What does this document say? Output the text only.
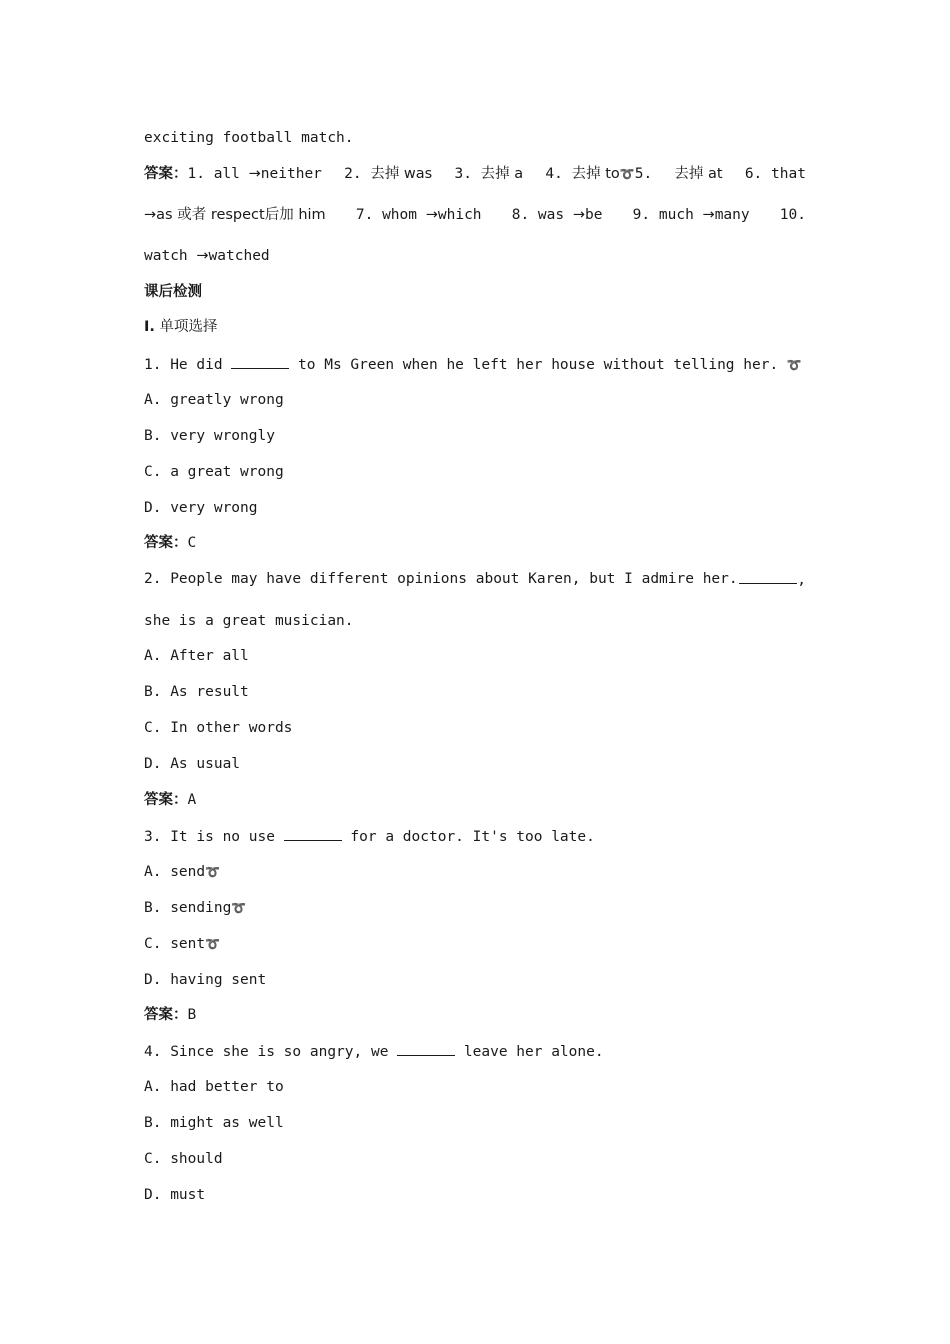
exciting football match.
答案：1. all →neither 2. 去掉 was 3. 去掉 a 4. 去掉 to➰5. 去掉 at 6. that
→as 或者 respect后加 him 7. whom →which 8. was →be 9. much →many 10.
watch →watched
课后检测
Ⅰ. 单项选择
1. He did	to Ms Green when he left her house without telling her. ➰
A. greatly wrong
B. very wrongly
C. a great wrong
D. very wrong
答案：C
2. People may have different opinions about Karen, but I admire her.	,
she is a great musician.
A. After all
B. As result
C. In other words
D. As usual
答案：A
3. It is no use	for a doctor. It's too late.
A. send➰
B. sending➰
C. sent➰
D. having sent
答案：B
4. Since she is so angry, we	leave her alone.
A. had better to
B. might as well
C. should
D. must
